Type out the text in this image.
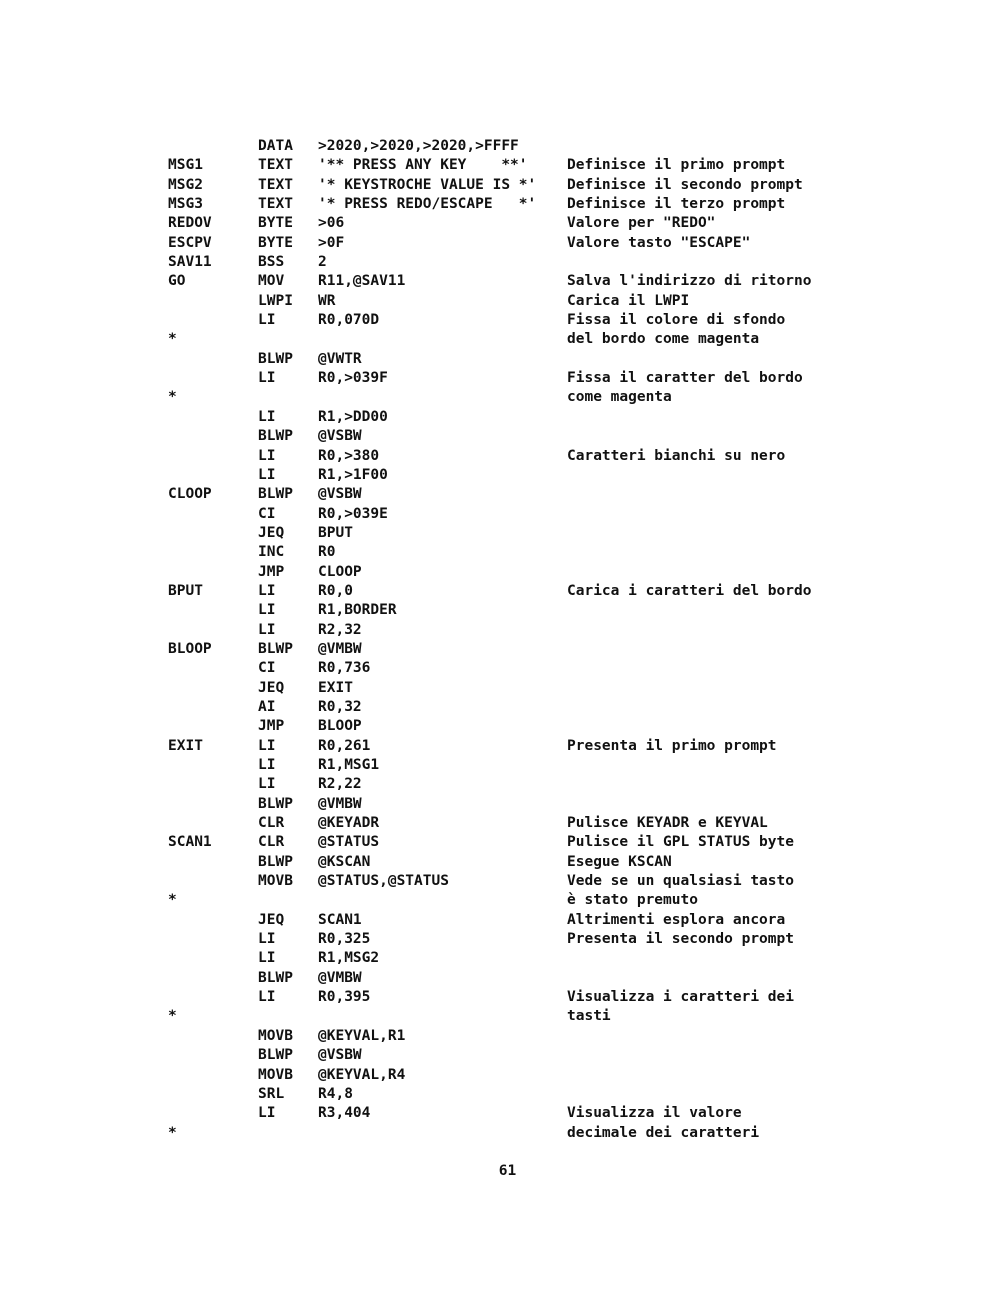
DATA >2020,>2020,>2020,>FFFF
MSG1	TEXT '** PRESS ANY KEY    **'	Definisce il primo prompt
MSG2	TEXT '* KEYSTROCHE VALUE IS *' Definisce il secondo prompt
MSG3	TEXT '* PRESS REDO/ESCAPE   *' Definisce il terzo prompt
REDOV	BYTE >06	Valore per "REDO"
ESCPV	BYTE >0F	Valore tasto "ESCAPE"
SAV11	BSS 2
GO	MOV R11,@SAV11	Salva l'indirizzo di ritorno
LWPI WR	Carica il LWPI
LI	R0,070D	Fissa il colore di sfondo
*	del bordo come magenta
BLWP @VWTR
LI	R0,>039F	Fissa il caratter del bordo
*	come magenta
LI	R1,>DD00
BLWP @VSBW
LI	R0,>380	Caratteri bianchi su nero
LI	R1,>1F00
CLOOP	BLWP @VSBW
CI	R0,>039E
JEQ BPUT
INC R0
JMP CLOOP
BPUT	LI	R0,0	Carica i caratteri del bordo
LI	R1,BORDER
LI	R2,32
BLOOP	BLWP @VMBW
CI	R0,736
JEQ EXIT
AI	R0,32
JMP BLOOP
EXIT	LI	R0,261	Presenta il primo prompt
LI	R1,MSG1
LI	R2,22
BLWP @VMBW
CLR @KEYADR	Pulisce KEYADR e KEYVAL
SCAN1	CLR @STATUS	Pulisce il GPL STATUS byte
BLWP @KSCAN	Esegue KSCAN
MOVB @STATUS,@STATUS	Vede se un qualsiasi tasto
*	è stato premuto
JEQ SCAN1	Altrimenti esplora ancora
LI	R0,325	Presenta il secondo prompt
LI	R1,MSG2
BLWP @VMBW
LI	R0,395	Visualizza i caratteri dei
*	tasti
MOVB @KEYVAL,R1
BLWP @VSBW
MOVB @KEYVAL,R4
SRL R4,8
LI	R3,404	Visualizza il valore
*	decimale dei caratteri
61
